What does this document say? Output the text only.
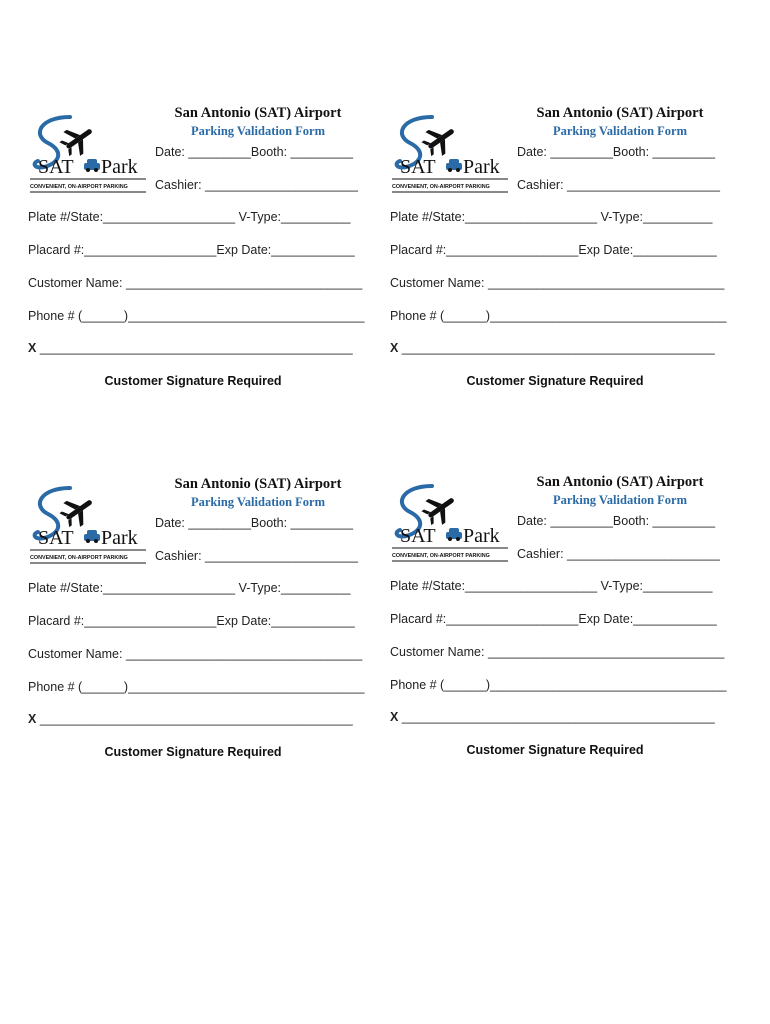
SAT Park
CONVENIENT, ON-AIRPORT PARKING
San Antonio (SAT) Airport
Parking Validation Form
Date: _________Booth: _________
Cashier: ______________________
Plate #/State:___________________ V-Type:__________
Placard #:___________________Exp Date:____________
Customer Name: __________________________________
Phone # (______)__________________________________
X _____________________________________________
Customer Signature Required
SAT Park
CONVENIENT, ON-AIRPORT PARKING
San Antonio (SAT) Airport
Parking Validation Form
Date: _________Booth: _________
Cashier: ______________________
Plate #/State:___________________ V-Type:__________
Placard #:___________________Exp Date:____________
Customer Name: __________________________________
Phone # (______)__________________________________
X _____________________________________________
Customer Signature Required
SAT Park
CONVENIENT, ON-AIRPORT PARKING
San Antonio (SAT) Airport
Parking Validation Form
Date: _________Booth: _________
Cashier: ______________________
Plate #/State:___________________ V-Type:__________
Placard #:___________________Exp Date:____________
Customer Name: __________________________________
Phone # (______)__________________________________
X _____________________________________________
Customer Signature Required
SAT Park
CONVENIENT, ON-AIRPORT PARKING
San Antonio (SAT) Airport
Parking Validation Form
Date: _________Booth: _________
Cashier: ______________________
Plate #/State:___________________ V-Type:__________
Placard #:___________________Exp Date:____________
Customer Name: __________________________________
Phone # (______)__________________________________
X _____________________________________________
Customer Signature Required
